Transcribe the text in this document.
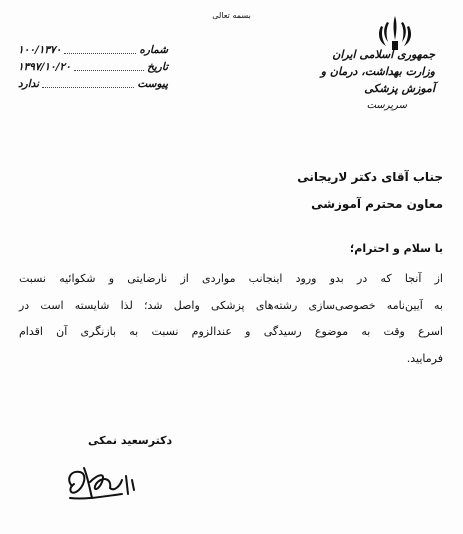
بسمه تعالی
جمهوری اسلامی ایران
وزارت بهداشت، درمان و آموزش پزشکی
سرپرست
شماره
۱۰۰/۱۳۷۰
تاریخ
۱۳۹۷/۱۰/۲۰
پیوست
ندارد
جناب آقای دکتر لاریجانی
معاون محترم آموزشی
با سلام و احترام؛
از آنجا که در بدو ورود اینجانب مواردی از نارضایتی و شکوائیه نسبت
به آیین‌نامه خصوصی‌سازی رشته‌های پزشکی واصل شد؛ لذا شایسته است در
اسرع وقت به موضوع رسیدگی و عندالزوم نسبت به بازنگری آن اقدام
فرمایید.
دکترسعید نمکی
